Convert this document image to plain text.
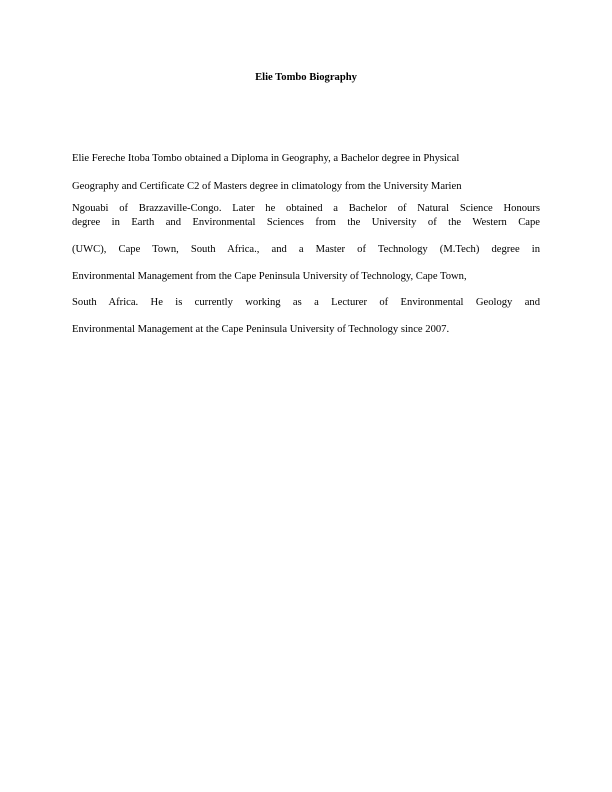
Elie Tombo Biography

Elie Fereche Itoba Tombo obtained a Diploma in Geography, a Bachelor degree in Physical

Geography and Certificate C2 of Masters degree in climatology from the University Marien

Ngouabi of Brazzaville-Congo. Later he obtained a Bachelor of Natural Science Honours

degree in Earth and Environmental Sciences from the University of the Western Cape

(UWC), Cape Town, South Africa., and a Master of Technology (M.Tech) degree in

Environmental Management from the Cape Peninsula University of Technology, Cape Town,

South Africa. He is currently working as a Lecturer of Environmental Geology and

Environmental Management at the Cape Peninsula University of Technology since 2007.
